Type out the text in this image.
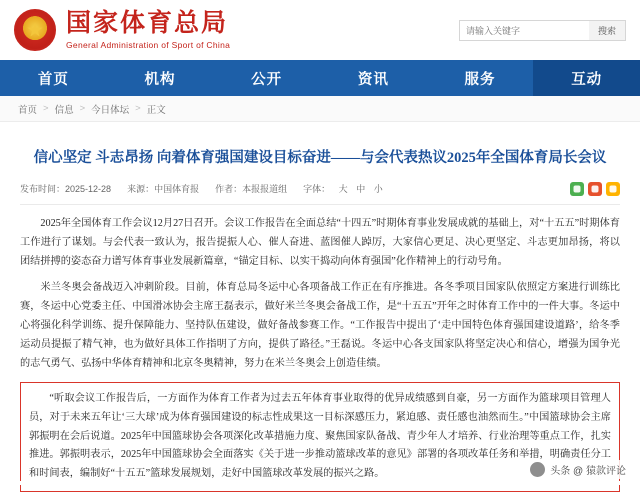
国家体育总局
General Administration of Sport of China
请输入关键字
搜索
首页	机构	公开	资讯	服务	互动
首页 > 信息 > 今日体坛 > 正文
信心坚定 斗志昂扬 向着体育强国建设目标奋进——与会代表热议2025年全国体育局长会议
发布时间：2025-12-28 来源：中国体育报 作者：本报报道组 字体： 大 中 小

2025年全国体育工作会议12月27日召开。会议工作报告在全面总结“十四五”时期体育事业发展成就的基础上，对“十五五”时期体育工作进行了谋划。与会代表一致认为，报告提振人心、催人奋进、蓝图催人踔厉，大家信心更足、决心更坚定、斗志更加昂扬，将以团结拼搏的姿态奋力谱写体育事业发展新篇章，“锚定目标、以实干捣动向体育强国”化作精神上的行动号角。

米兰冬奥会备战迈入冲刺阶段。目前，体育总局冬运中心各项备战工作正在有序推进。各冬季项目国家队依照定方案进行训练比赛，冬运中心党委主任、中国滑冰协会主席王磊表示，做好米兰冬奥会备战工作，是“十五五”开年之时体育工作中的一件大事。冬运中心将强化科学训练、提升保障能力、坚持队伍建设，做好备战参赛工作。“工作报告中提出了‘走中国特色体育强国建设道路’，给冬季运动员提振了精气神，也为做好具体工作指明了方向，提供了路径。”王磊说。冬运中心各支国家队将坚定决心和信心，增强为国争光的志气勇气、弘扬中华体育精神和北京冬奥精神，努力在米兰冬奥会上创造佳绩。

“听取会议工作报告后，一方面作为体育工作者为过去五年体育事业取得的优异成绩感到自豪，另一方面作为篮球项目管理人员，对于未来五年让‘三大球’成为体育强国建设的标志性成果这一目标深感压力，紧迫感、责任感也油然而生。”中国篮球协会主席郭振明在会后说道。2025年中国篮球协会各项深化改革措施力度、聚焦国家队备战、青少年人才培养、行业治理等重点工作，扎实推进。郭振明表示，2025年中国篮球协会全面落实《关于进一步推动篮球改革的意见》部署的各项改革任务和举措，明确责任分工和时间表，编制好“十五五”篮球发展规划，走好中国篮球改革发展的振兴之路。	头条 @ 猿款评论
